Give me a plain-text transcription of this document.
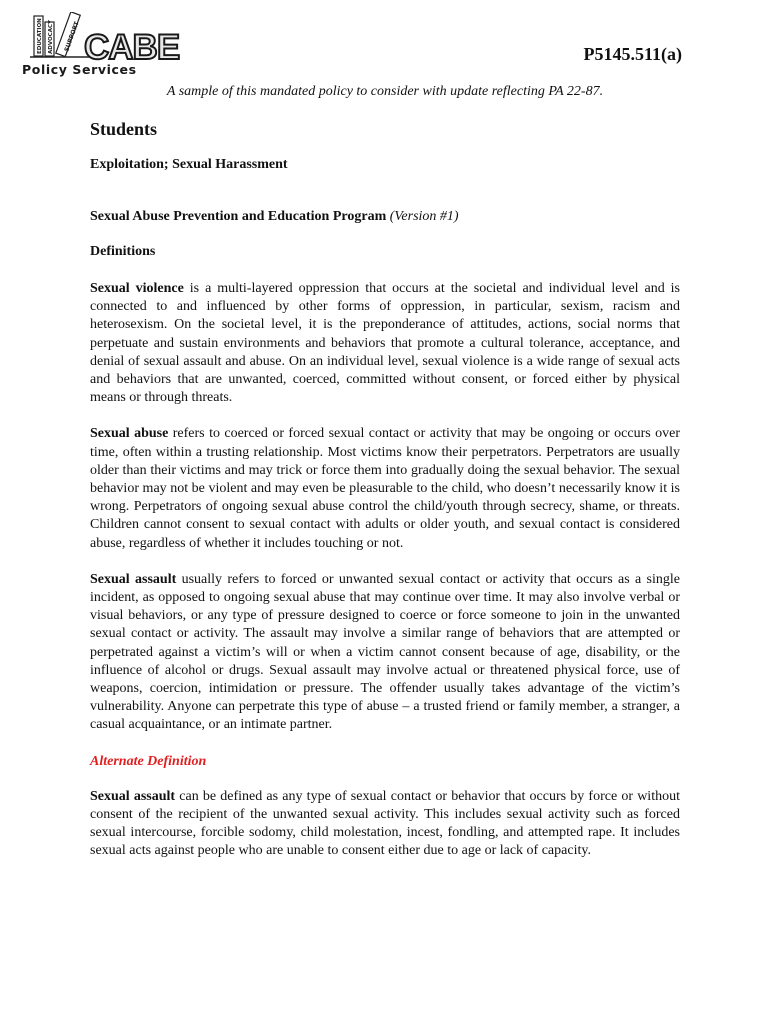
EDUCATION ADVOCACY SUPPORT CABE
Policy Services
P5145.511(a)
A sample of this mandated policy to consider with update reflecting PA 22-87.
Students
Exploitation; Sexual Harassment
Sexual Abuse Prevention and Education Program (Version #1)
Definitions

Sexual violence is a multi-layered oppression that occurs at the societal and individual level and is connected to and influenced by other forms of oppression, in particular, sexism, racism and heterosexism. On the societal level, it is the preponderance of attitudes, actions, social norms that perpetuate and sustain environments and behaviors that promote a cultural tolerance, acceptance, and denial of sexual assault and abuse. On an individual level, sexual violence is a wide range of sexual acts and behaviors that are unwanted, coerced, committed without consent, or forced either by physical means or through threats.

Sexual abuse refers to coerced or forced sexual contact or activity that may be ongoing or occurs over time, often within a trusting relationship. Most victims know their perpetrators. Perpetrators are usually older than their victims and may trick or force them into gradually doing the sexual behavior. The sexual behavior may not be violent and may even be pleasurable to the child, who doesn’t necessarily know it is wrong. Perpetrators of ongoing sexual abuse control the child/youth through secrecy, shame, or threats. Children cannot consent to sexual contact with adults or older youth, and sexual contact is considered abuse, regardless of whether it includes touching or not.

Sexual assault usually refers to forced or unwanted sexual contact or activity that occurs as a single incident, as opposed to ongoing sexual abuse that may continue over time. It may also involve verbal or visual behaviors, or any type of pressure designed to coerce or force someone to join in the unwanted sexual contact or activity. The assault may involve a similar range of behaviors that are attempted or perpetrated against a victim’s will or when a victim cannot consent because of age, disability, or the influence of alcohol or drugs. Sexual assault may involve actual or threatened physical force, use of weapons, coercion, intimidation or pressure. The offender usually takes advantage of the victim’s vulnerability. Anyone can perpetrate this type of abuse – a trusted friend or family member, a stranger, a casual acquaintance, or an intimate partner.

Alternate Definition

Sexual assault can be defined as any type of sexual contact or behavior that occurs by force or without consent of the recipient of the unwanted sexual activity. This includes sexual activity such as forced sexual intercourse, forcible sodomy, child molestation, incest, fondling, and attempted rape. It includes sexual acts against people who are unable to consent either due to age or lack of capacity.
